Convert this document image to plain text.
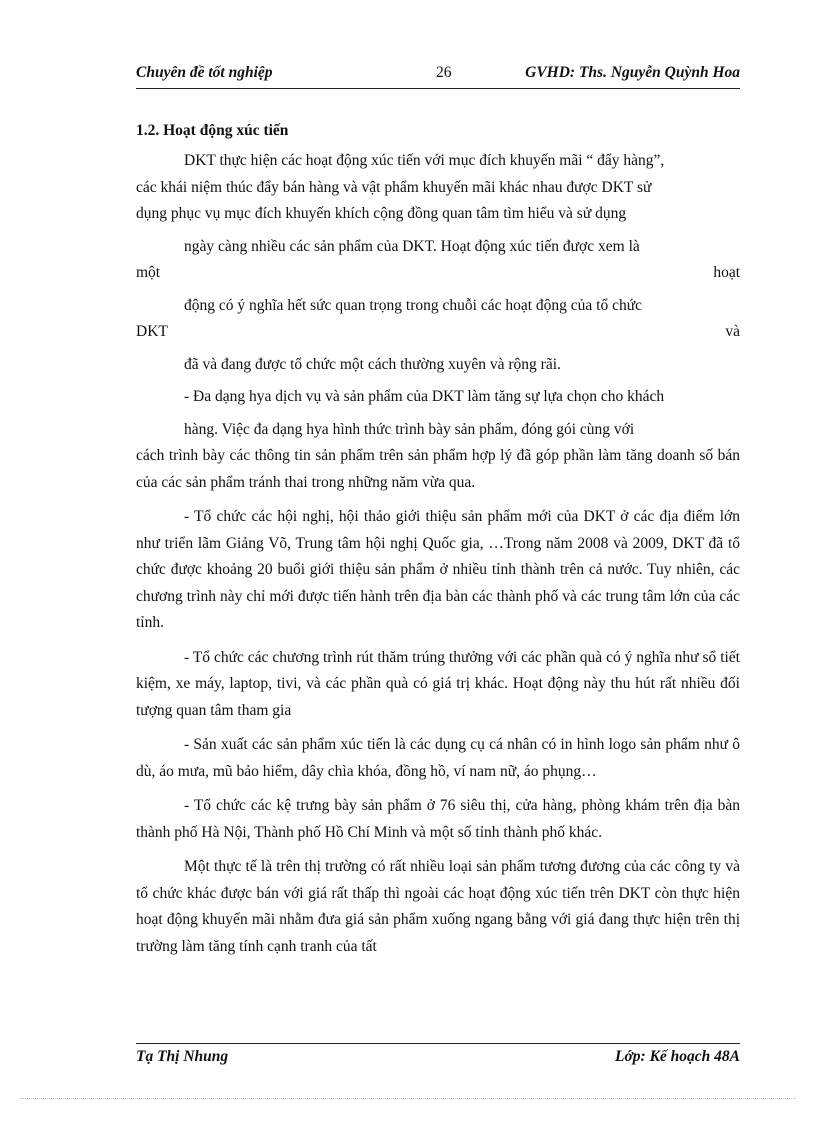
Chuyên đề tốt nghiệp	26	GVHD: Ths. Nguyễn Quỳnh Hoa
1.2. Hoạt động xúc tiến

DKT thực hiện các hoạt động xúc tiến với mục đích khuyến mãi “ đẩy hàng”,

các khái niệm thúc đẩy bán hàng và vật phẩm khuyến mãi khác nhau được DKT sử

dụng phục vụ mục đích khuyến khích cộng đồng quan tâm tìm hiểu và sử dụng

ngày càng nhiều các sản phẩm của DKT. Hoạt động xúc tiến được xem là

một	hoạt

động có ý nghĩa hết sức quan trọng trong chuỗi các hoạt động của tổ chức

DKT	và

đã và đang được tổ chức một cách thường xuyên và rộng rãi.

- Đa dạng hya dịch vụ và sản phẩm của DKT làm tăng sự lựa chọn cho khách

hàng. Việc đa dạng hya hình thức trình bày sản phẩm, đóng gói cùng với

cách trình bày các thông tin sản phẩm trên sản phẩm hợp lý đã góp phần làm tăng doanh số bán của các sản phẩm tránh thai trong những năm vừa qua.

- Tổ chức các hội nghị, hội thảo giới thiệu sản phẩm mới của DKT ở các địa điểm lớn như triển lãm Giảng Võ, Trung tâm hội nghị Quốc gia, …Trong năm 2008 và 2009, DKT đã tổ chức được khoảng 20 buổi giới thiệu sản phẩm ở nhiều tỉnh thành trên cả nước. Tuy nhiên, các chương trình này chỉ mới được tiến hành trên địa bàn các thành phố và các trung tâm lớn của các tỉnh.

- Tổ chức các chương trình rút thăm trúng thưởng với các phần quà có ý nghĩa như sổ tiết kiệm, xe máy, laptop, tivi, và các phần quà có giá trị khác. Hoạt động này thu hút rất nhiều đối tượng quan tâm tham gia

- Sản xuất các sản phẩm xúc tiến là các dụng cụ cá nhân có in hình logo sản phẩm như ô dù, áo mưa, mũ bảo hiểm, dây chìa khóa, đồng hồ, ví nam nữ, áo phụng…

- Tổ chức các kệ trưng bày sản phẩm ở 76 siêu thị, cửa hàng, phòng khám trên địa bàn thành phố Hà Nội, Thành phố Hồ Chí Minh và một số tỉnh thành phố khác.

Một thực tế là trên thị trường có rất nhiều loại sản phẩm tương đương của các công ty và tổ chức khác được bán với giá rất thấp thì ngoài các hoạt động xúc tiến trên DKT còn thực hiện hoạt động khuyến mãi nhằm đưa giá sản phẩm xuống ngang bằng với giá đang thực hiện trên thị trường làm tăng tính cạnh tranh của tất

Tạ Thị Nhung	Lớp: Kế hoạch 48A
